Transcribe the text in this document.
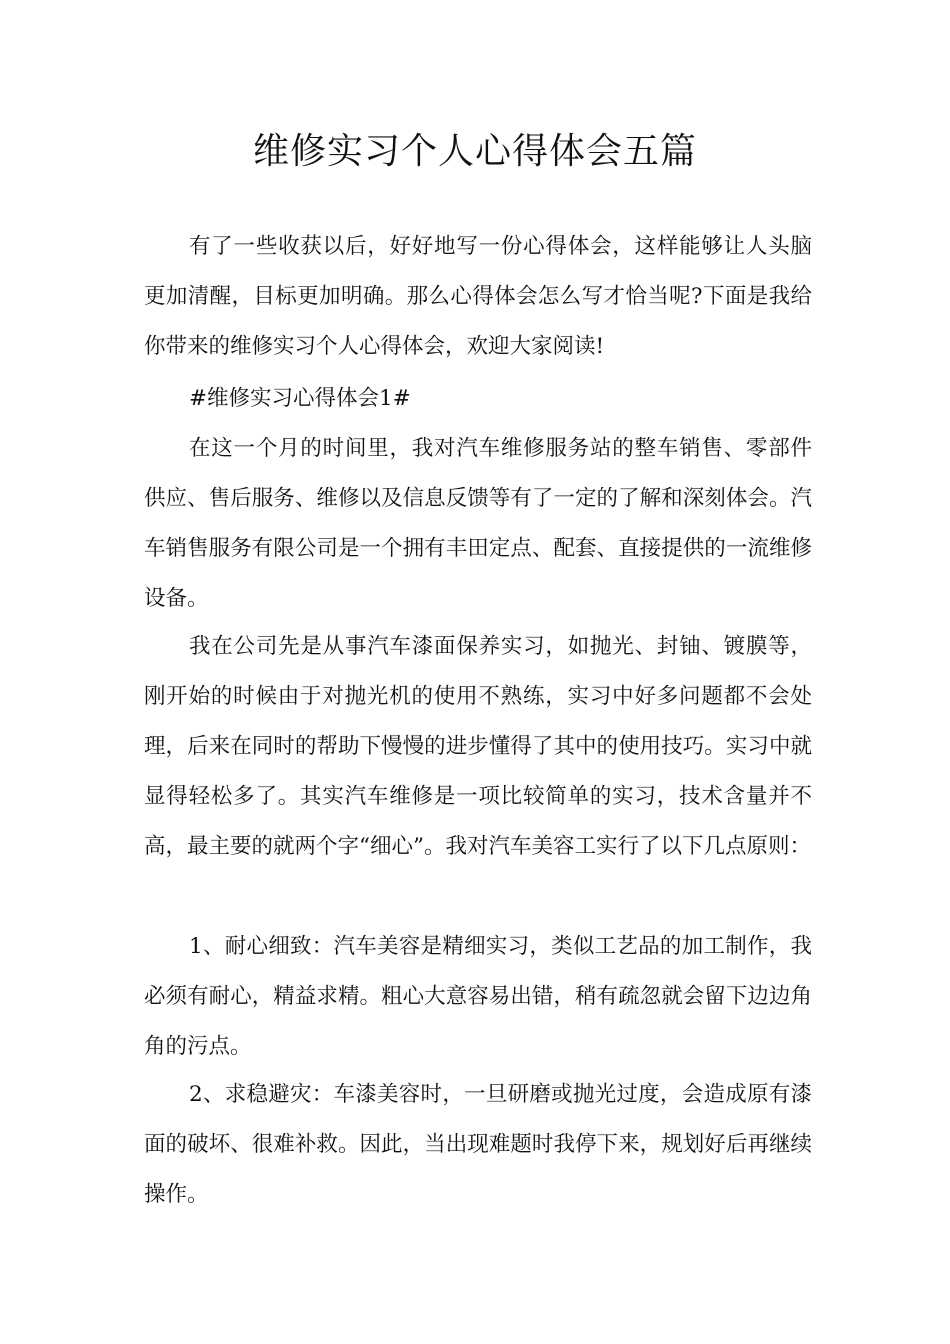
维修实习个人心得体会五篇

有了一些收获以后，好好地写一份心得体会，这样能够让人头脑更加清醒，目标更加明确。那么心得体会怎么写才恰当呢?下面是我给你带来的维修实习个人心得体会，欢迎大家阅读!

#维修实习心得体会1#

在这一个月的时间里，我对汽车维修服务站的整车销售、零部件供应、售后服务、维修以及信息反馈等有了一定的了解和深刻体会。汽车销售服务有限公司是一个拥有丰田定点、配套、直接提供的一流维修设备。

我在公司先是从事汽车漆面保养实习，如抛光、封铀、镀膜等，刚开始的时候由于对抛光机的使用不熟练，实习中好多问题都不会处理，后来在同时的帮助下慢慢的进步懂得了其中的使用技巧。实习中就显得轻松多了。其实汽车维修是一项比较简单的实习，技术含量并不高，最主要的就两个字“细心”。我对汽车美容工实行了以下几点原则：

1、耐心细致：汽车美容是精细实习，类似工艺品的加工制作，我必须有耐心，精益求精。粗心大意容易出错，稍有疏忽就会留下边边角角的污点。

2、求稳避灾：车漆美容时，一旦研磨或抛光过度，会造成原有漆面的破坏、很难补救。因此，当出现难题时我停下来，规划好后再继续操作。
